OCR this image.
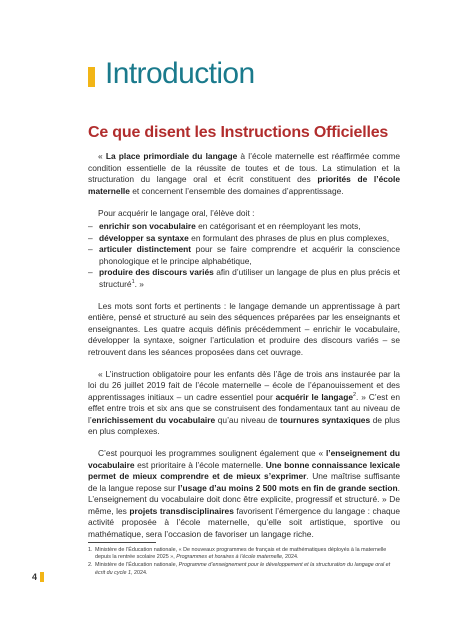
Introduction
Ce que disent les Instructions Officielles

« La place primordiale du langage à l’école maternelle est réaffirmée comme condition essentielle de la réussite de toutes et de tous. La stimulation et la structuration du langage oral et écrit constituent des priorités de l’école maternelle et concernent l’ensemble des domaines d’apprentissage.

Pour acquérir le langage oral, l’élève doit :

– enrichir son vocabulaire en catégorisant et en réemployant les mots,
– développer sa syntaxe en formulant des phrases de plus en plus complexes,
– articuler distinctement pour se faire comprendre et acquérir la conscience phonologique et le principe alphabétique,
– produire des discours variés afin d’utiliser un langage de plus en plus précis et structuré$^1$. »

Les mots sont forts et pertinents : le langage demande un apprentissage à part entière, pensé et structuré au sein des séquences préparées par les enseignants et enseignantes. Les quatre acquis définis précédemment – enrichir le vocabulaire, développer la syntaxe, soigner l’articulation et produire des discours variés – se retrouvent dans les séances proposées dans cet ouvrage.

« L’instruction obligatoire pour les enfants dès l’âge de trois ans instaurée par la loi du 26 juillet 2019 fait de l’école maternelle – école de l’épanouissement et des apprentissages initiaux – un cadre essentiel pour acquérir le langage$^2$. » C’est en effet entre trois et six ans que se construisent des fondamentaux tant au niveau de l’enrichissement du vocabulaire qu’au niveau de tournures syntaxiques de plus en plus complexes.

C’est pourquoi les programmes soulignent également que « l’enseignement du vocabulaire est prioritaire à l’école maternelle. Une bonne connaissance lexicale permet de mieux comprendre et de mieux s’exprimer. Une maîtrise suffisante de la langue repose sur l’usage d’au moins 2 500 mots en fin de grande section. L’enseignement du vocabulaire doit donc être explicite, progressif et structuré. » De même, les projets transdisciplinaires favorisent l’émergence du langage : chaque activité proposée à l’école maternelle, qu’elle soit artistique, sportive ou mathématique, sera l’occasion de favoriser un langage riche.

1. Ministère de l’Éducation nationale, « De nouveaux programmes de français et de mathématiques déployés à la maternelle depuis la rentrée scolaire 2025 », Programmes et horaires à l’école maternelle, 2024.
2. Ministère de l’Éducation nationale, Programme d’enseignement pour le développement et la structuration du langage oral et écrit du cycle 1, 2024.
4
